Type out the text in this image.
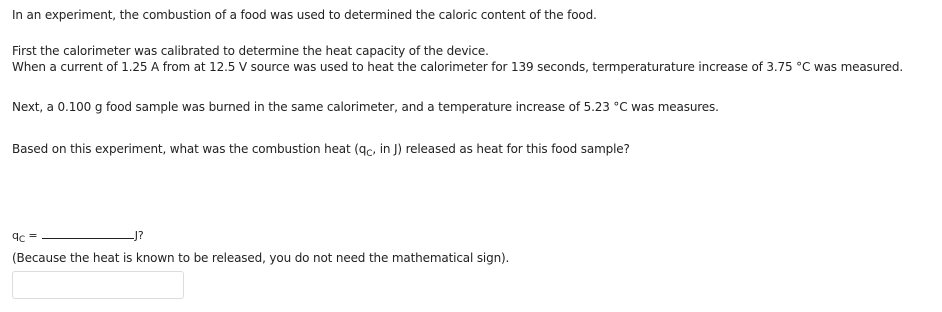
In an experiment, the combustion of a food was used to determined the caloric content of the food.

First the calorimeter was calibrated to determine the heat capacity of the device.

When a current of 1.25 A from at 12.5 V source was used to heat the calorimeter for 139 seconds, termperaturature increase of 3.75 °C was measured.

Next, a 0.100 g food sample was burned in the same calorimeter, and a temperature increase of 5.23 °C was measures.

Based on this experiment, what was the combustion heat ($q_C$, in J) released as heat for this food sample?

$q_C$ =	J?

(Because the heat is known to be released, you do not need the mathematical sign).
